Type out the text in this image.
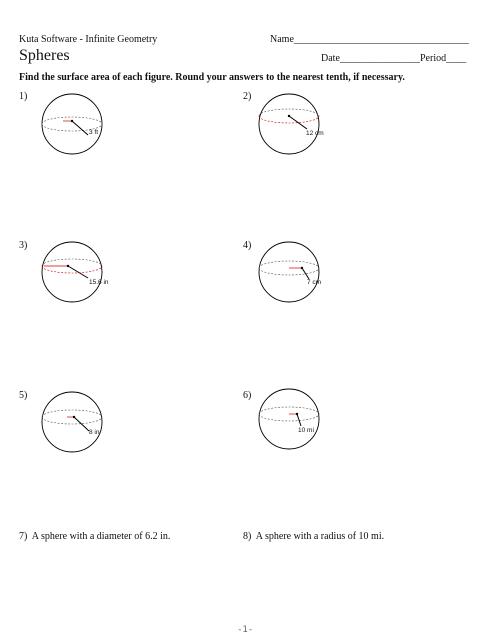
Kuta Software - Infinite Geometry	Name___________________________________
Spheres	Date________________ Period____
Find the surface area of each figure. Round your answers to the nearest tenth, if necessary.
1)
3 ft
2)
12 cm
3)
15.6 in
4)
7 cm
5)
8 in
6)
10 mi
7) A sphere with a diameter of 6.2 in.	8) A sphere with a radius of 10 mi.
-1-
